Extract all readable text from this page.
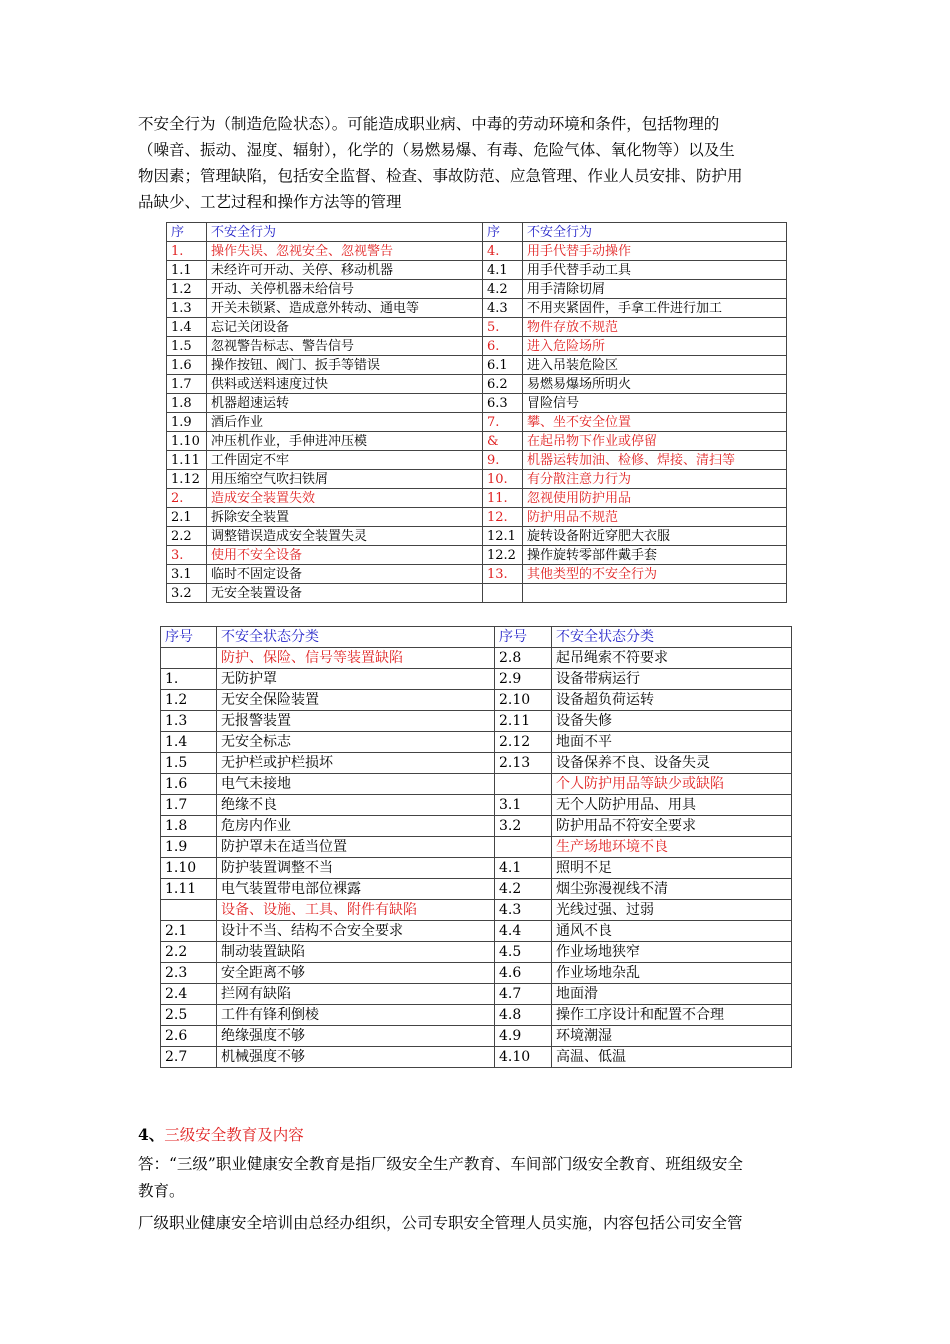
不安全行为（制造危险状态）。可能造成职业病、中毒的劳动环境和条件，包括物理的
（噪音、振动、湿度、辐射），化学的（易燃易爆、有毒、危险气体、氧化物等）以及生
物因素；管理缺陷，包括安全监督、检查、事故防范、应急管理、作业人员安排、防护用
品缺少、工艺过程和操作方法等的管理

序	不安全行为	序	不安全行为
1.	操作失误、忽视安全、忽视警告	4.	用手代替手动操作
1.1	未经许可开动、关停、移动机器	4.1	用手代替手动工具
1.2	开动、关停机器未给信号	4.2	用手清除切屑
1.3	开关未锁紧、造成意外转动、通电等	4.3	不用夹紧固件，手拿工件进行加工
1.4	忘记关闭设备	5.	物件存放不规范
1.5	忽视警告标志、警告信号	6.	进入危险场所
1.6	操作按钮、阀门、扳手等错误	6.1	进入吊装危险区
1.7	供料或送料速度过快	6.2	易燃易爆场所明火
1.8	机器超速运转	6.3	冒险信号
1.9	酒后作业	7.	攀、坐不安全位置
1.10	冲压机作业，手伸进冲压模	&	在起吊物下作业或停留
1.11	工件固定不牢	9.	机器运转加油、检修、焊接、清扫等
1.12	用压缩空气吹扫铁屑	10.	有分散注意力行为
2.	造成安全装置失效	11.	忽视使用防护用品
2.1	拆除安全装置	12.	防护用品不规范
2.2	调整错误造成安全装置失灵	12.1	旋转设备附近穿肥大衣服
3.	使用不安全设备	12.2	操作旋转零部件戴手套
3.1	临时不固定设备	13.	其他类型的不安全行为
3.2	无安全装置设备		
序号	不安全状态分类	序号	不安全状态分类
	防护、保险、信号等装置缺陷	2.8	起吊绳索不符要求
1.	无防护罩	2.9	设备带病运行
1.2	无安全保险装置	2.10	设备超负荷运转
1.3	无报警装置	2.11	设备失修
1.4	无安全标志	2.12	地面不平
1.5	无护栏或护栏损坏	2.13	设备保养不良、设备失灵
1.6	电气未接地		个人防护用品等缺少或缺陷
1.7	绝缘不良	3.1	无个人防护用品、用具
1.8	危房内作业	3.2	防护用品不符安全要求
1.9	防护罩未在适当位置		生产场地环境不良
1.10	防护装置调整不当	4.1	照明不足
1.11	电气装置带电部位裸露	4.2	烟尘弥漫视线不清
	设备、设施、工具、附件有缺陷	4.3	光线过强、过弱
2.1	设计不当、结构不合安全要求	4.4	通风不良
2.2	制动装置缺陷	4.5	作业场地狭窄
2.3	安全距离不够	4.6	作业场地杂乱
2.4	拦网有缺陷	4.7	地面滑
2.5	工件有锋利倒棱	4.8	操作工序设计和配置不合理
2.6	绝缘强度不够	4.9	环境潮湿
2.7	机械强度不够	4.10	高温、低温

4、三级安全教育及内容

答：“三级”职业健康安全教育是指厂级安全生产教育、车间部门级安全教育、班组级安全
教育。

厂级职业健康安全培训由总经办组织，公司专职安全管理人员实施，内容包括公司安全管
